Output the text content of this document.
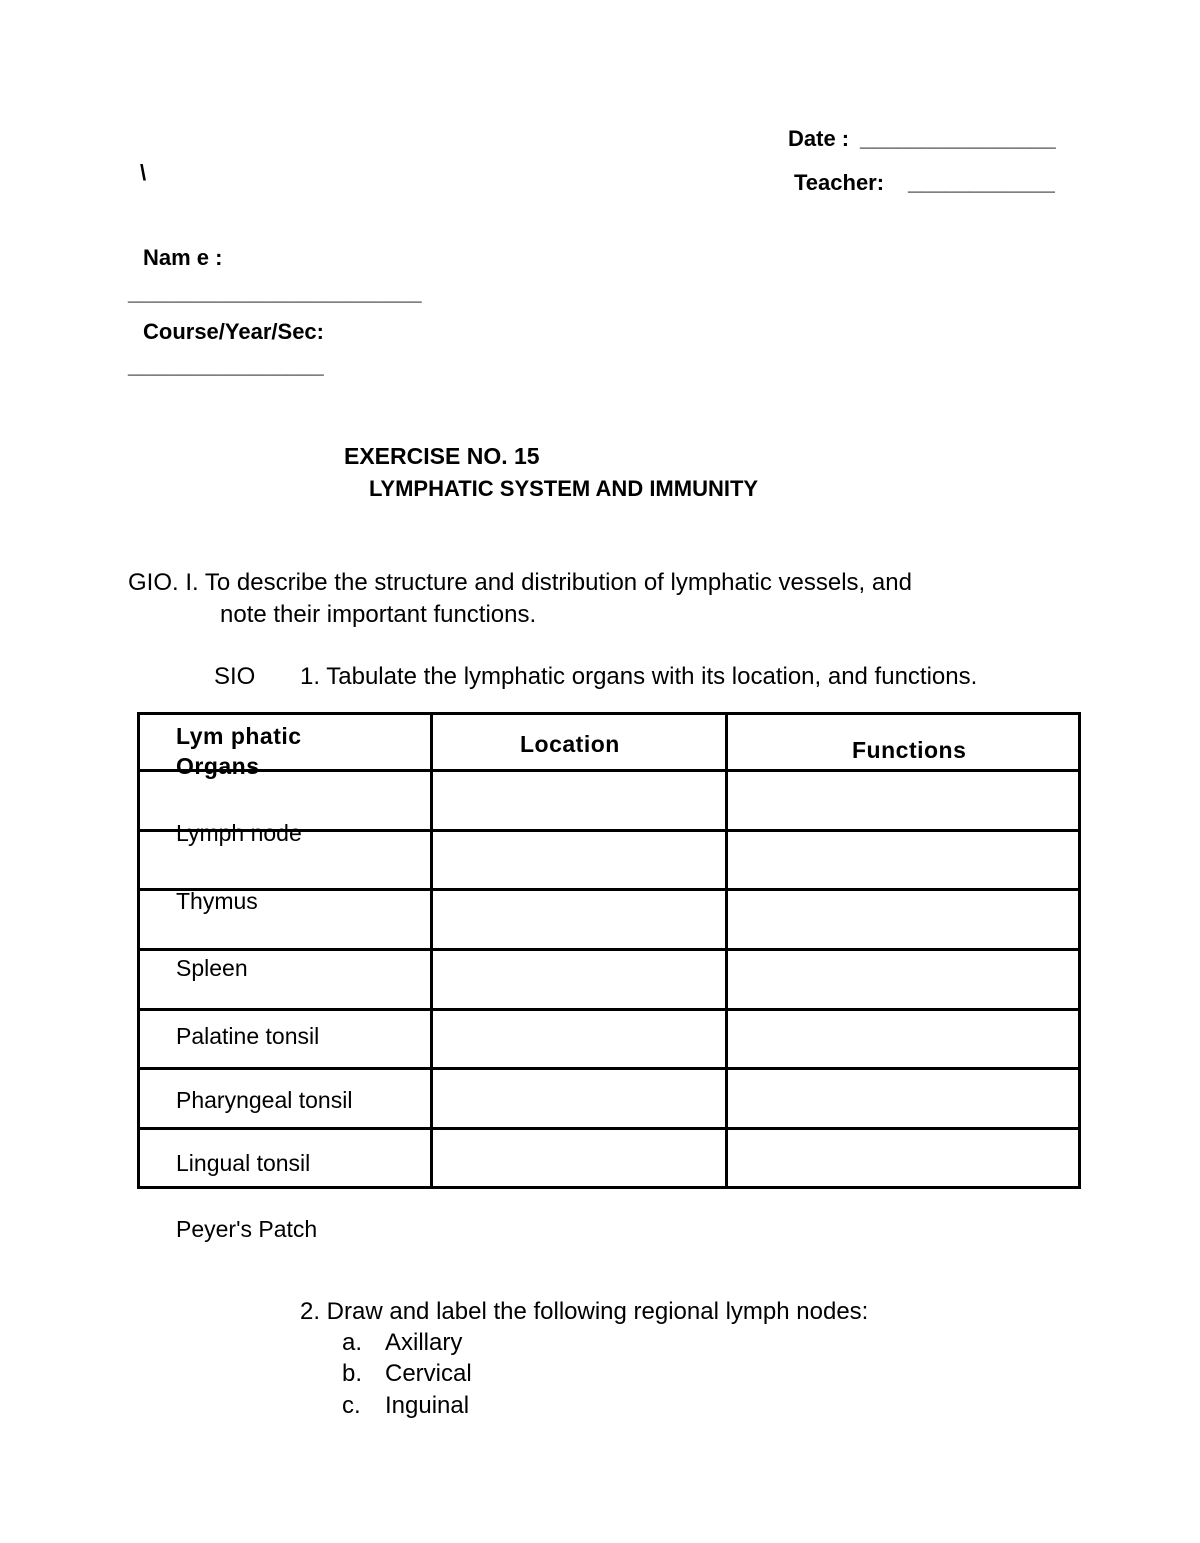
\
Date : ________________
Teacher: ____________
Nam e :
________________________
Course/Year/Sec:
________________
EXERCISE NO. 15
LYMPHATIC SYSTEM AND IMMUNITY
GIO. I. To describe the structure and distribution of lymphatic vessels, and
note their important functions.
SIO 1. Tabulate the lymphatic organs with its location, and functions.
Lym phatic
Organs
Location	Functions
Lymph node
Thymus
Spleen
Palatine tonsil
Pharyngeal tonsil
Lingual tonsil
Peyer's Patch
2. Draw and label the following regional lymph nodes:
a. Axillary
b. Cervical
c. Inguinal
